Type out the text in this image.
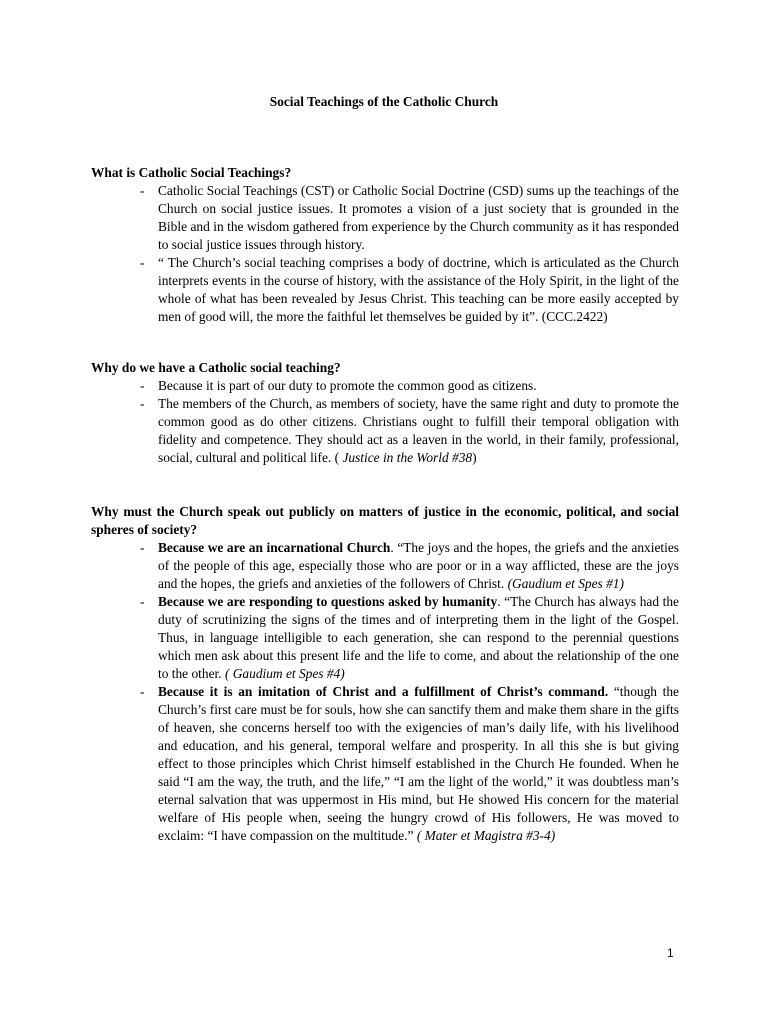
Social Teachings of the Catholic Church
What is Catholic Social Teachings?
- Catholic Social Teachings (CST) or Catholic Social Doctrine (CSD) sums up the teachings of the Church on social justice issues. It promotes a vision of a just society that is grounded in the Bible and in the wisdom gathered from experience by the Church community as it has responded to social justice issues through history.
- “ The Church’s social teaching comprises a body of doctrine, which is articulated as the Church interprets events in the course of history, with the assistance of the Holy Spirit, in the light of the whole of what has been revealed by Jesus Christ. This teaching can be more easily accepted by men of good will, the more the faithful let themselves be guided by it”. (CCC.2422)
Why do we have a Catholic social teaching?
- Because it is part of our duty to promote the common good as citizens.
- The members of the Church, as members of society, have the same right and duty to promote the common good as do other citizens. Christians ought to fulfill their temporal obligation with fidelity and competence. They should act as a leaven in the world, in their family, professional, social, cultural and political life. ( Justice in the World #38)
Why must the Church speak out publicly on matters of justice in the economic, political, and social spheres of society?
- Because we are an incarnational Church. “The joys and the hopes, the griefs and the anxieties of the people of this age, especially those who are poor or in a way afflicted, these are the joys and the hopes, the griefs and anxieties of the followers of Christ. (Gaudium et Spes #1)
- Because we are responding to questions asked by humanity. “The Church has always had the duty of scrutinizing the signs of the times and of interpreting them in the light of the Gospel. Thus, in language intelligible to each generation, she can respond to the perennial questions which men ask about this present life and the life to come, and about the relationship of the one to the other. ( Gaudium et Spes #4)
- Because it is an imitation of Christ and a fulfillment of Christ’s command. “though the Church’s first care must be for souls, how she can sanctify them and make them share in the gifts of heaven, she concerns herself too with the exigencies of man’s daily life, with his livelihood and education, and his general, temporal welfare and prosperity. In all this she is but giving effect to those principles which Christ himself established in the Church He founded. When he said “I am the way, the truth, and the life,” “I am the light of the world,” it was doubtless man’s eternal salvation that was uppermost in His mind, but He showed His concern for the material welfare of His people when, seeing the hungry crowd of His followers, He was moved to exclaim: “I have compassion on the multitude.” ( Mater et Magistra #3-4)
1
